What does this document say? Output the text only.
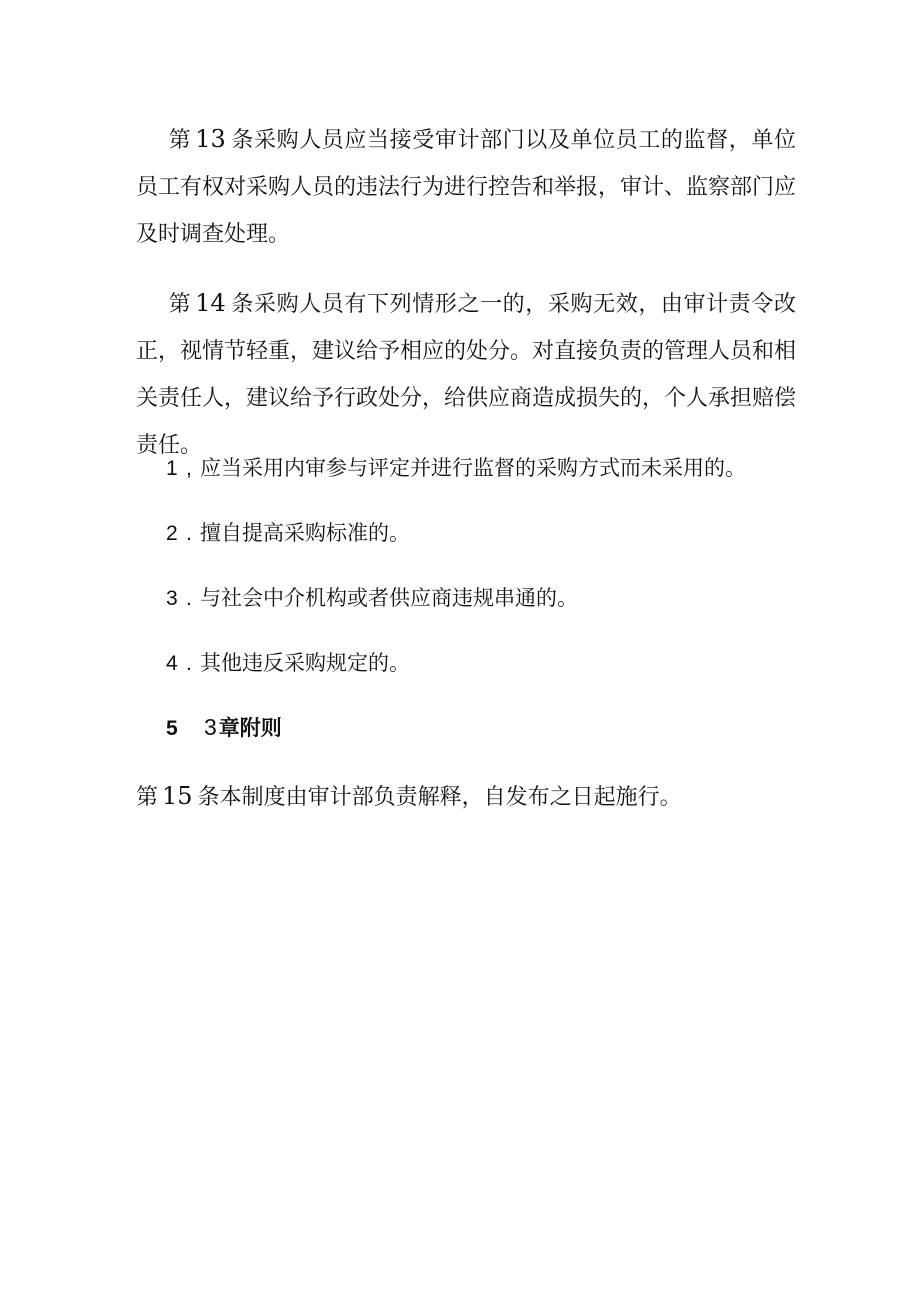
第 13 条采购人员应当接受审计部门以及单位员工的监督，单位员工有权对采购人员的违法行为进行控告和举报，审计、监察部门应及时调查处理。

第 14 条采购人员有下列情形之一的，采购无效，由审计责令改正，视情节轻重，建议给予相应的处分。对直接负责的管理人员和相关责任人，建议给予行政处分，给供应商造成损失的，个人承担赔偿责任。

1 , 应当采用内审参与评定并进行监督的采购方式而未采用的。

2 . 擅自提高采购标准的。

3 . 与社会中介机构或者供应商违规串通的。

4 . 其他违反采购规定的。

5 3章附则

第 15 条本制度由审计部负责解释，自发布之日起施行。
